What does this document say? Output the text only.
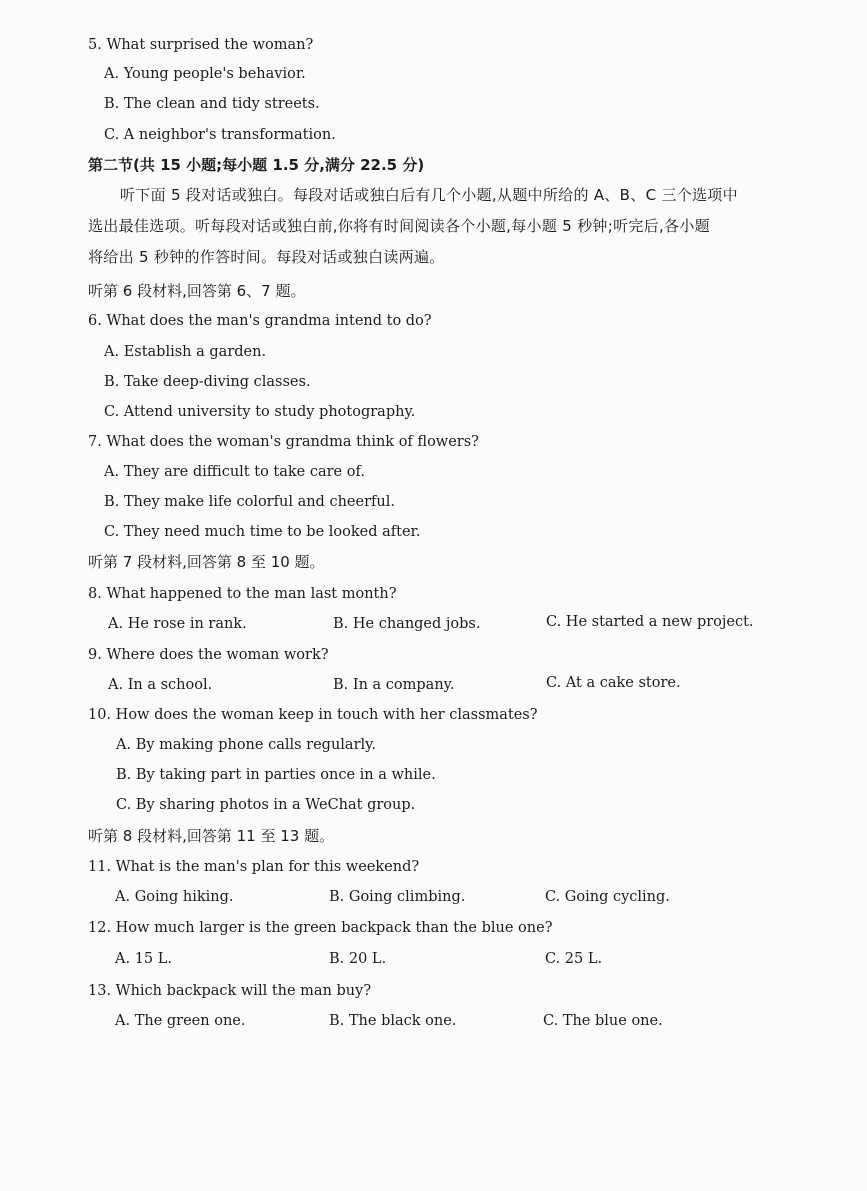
5. What surprised the woman?
A. Young people's behavior.
B. The clean and tidy streets.
C. A neighbor's transformation.
第二节(共 15 小题;每小题 1.5 分,满分 22.5 分)
听下面 5 段对话或独白。每段对话或独白后有几个小题,从题中所给的 A、B、C 三个选项中
选出最佳选项。听每段对话或独白前,你将有时间阅读各个小题,每小题 5 秒钟;听完后,各小题
将给出 5 秒钟的作答时间。每段对话或独白读两遍。
听第 6 段材料,回答第 6、7 题。
6. What does the man's grandma intend to do?
A. Establish a garden.
B. Take deep-diving classes.
C. Attend university to study photography.
7. What does the woman's grandma think of flowers?
A. They are difficult to take care of.
B. They make life colorful and cheerful.
C. They need much time to be looked after.
听第 7 段材料,回答第 8 至 10 题。
8. What happened to the man last month?
A. He rose in rank.	B. He changed jobs.	C. He started a new project.
9. Where does the woman work?
A. In a school.	B. In a company.	C. At a cake store.
10. How does the woman keep in touch with her classmates?
A. By making phone calls regularly.
B. By taking part in parties once in a while.
C. By sharing photos in a WeChat group.
听第 8 段材料,回答第 11 至 13 题。
11. What is the man's plan for this weekend?
A. Going hiking.	B. Going climbing.	C. Going cycling.
12. How much larger is the green backpack than the blue one?
A. 15 L.	B. 20 L.	C. 25 L.
13. Which backpack will the man buy?
A. The green one.	B. The black one.	C. The blue one.
